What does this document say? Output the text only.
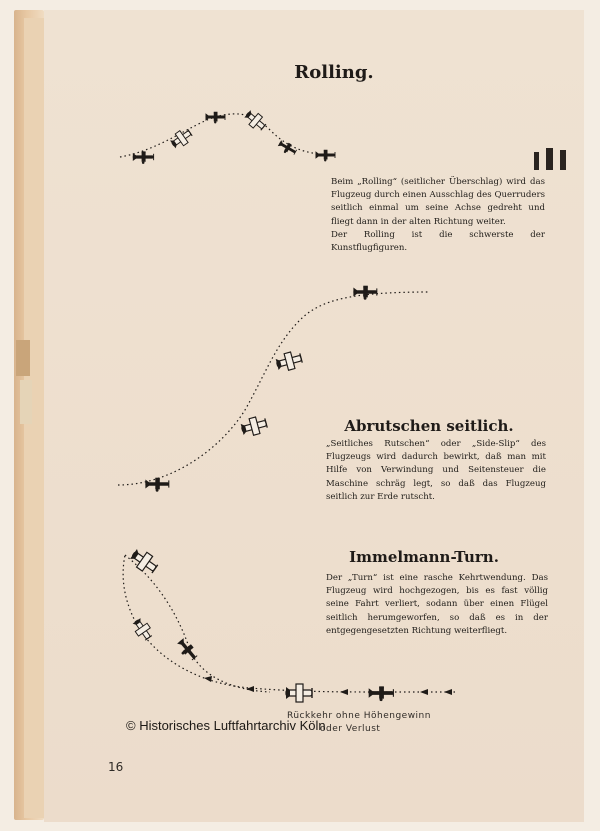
Rolling.

Beim „Rolling“ (seitlicher Überschlag) wird das Flugzeug durch einen Ausschlag des Querruders seitlich einmal um seine Achse gedreht und fliegt dann in der alten Richtung weiter.

Der Rolling ist die schwerste der Kunstflugfiguren.

Abrutschen seitlich.

„Seitliches Rutschen“ oder „Side-Slip“ des Flugzeugs wird dadurch bewirkt, daß man mit Hilfe von Verwindung und Seitensteuer die Maschine schräg legt, so daß das Flugzeug seitlich zur Erde rutscht.

Immelmann-Turn.

Der „Turn“ ist eine rasche Kehrtwendung. Das Flugzeug wird hochgezogen, bis es fast völlig seine Fahrt verliert, sodann über einen Flügel seitlich herumgeworfen, so daß es in der entgegengesetzten Richtung weiterfliegt.

Rückkehr ohne Höhengewinn
oder Verlust
© Historisches Luftfahrtarchiv Köln
16
